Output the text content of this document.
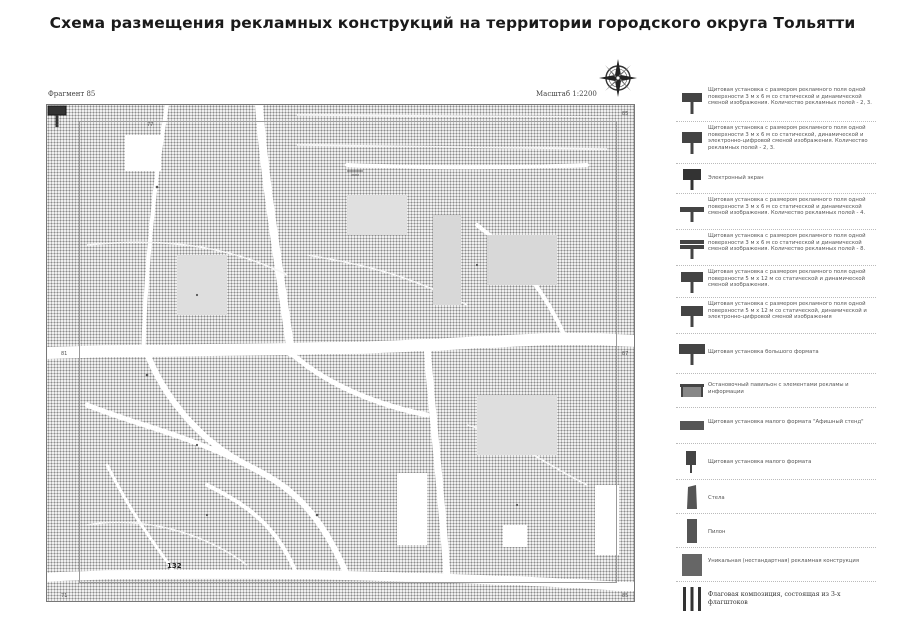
Схема размещения рекламных конструкций на территории городского округа Тольятти
Фрагмент 85	Масштаб 1:2200
77
85
81	87
71	85
132
Щитовая установка с размером рекламного поля одной поверхности 3 м х 6 м со статической и динамической сменой изображения. Количество рекламных полей - 2, 3.
Щитовая установка с размером рекламного поля одной поверхности 3 м х 6 м со статической, динамической и электронно-цифровой сменой изображения. Количество рекламных полей - 2, 3.
Электронный экран
Щитовая установка с размером рекламного поля одной поверхности 3 м х 6 м со статической и динамической сменой изображения. Количество рекламных полей - 4.
Щитовая установка с размером рекламного поля одной поверхности 3 м х 6 м со статической и динамической сменой изображения. Количество рекламных полей - 8.
Щитовая установка с размером рекламного поля одной поверхности 5 м х 12 м со статической и динамической сменой изображения.
Щитовая установка с размером рекламного поля одной поверхности 5 м х 12 м со статической, динамической и электронно-цифровой сменой изображения
Щитовая установка большого формата
Остановочный павильон с элементами рекламы и информации
Щитовая установка малого формата "Афишный стенд"
Щитовая установка малого формата
Стела
Пилон
Уникальная (нестандартная) рекламная конструкция
Флаговая композиция, состоящая из 3-х флагштоков
